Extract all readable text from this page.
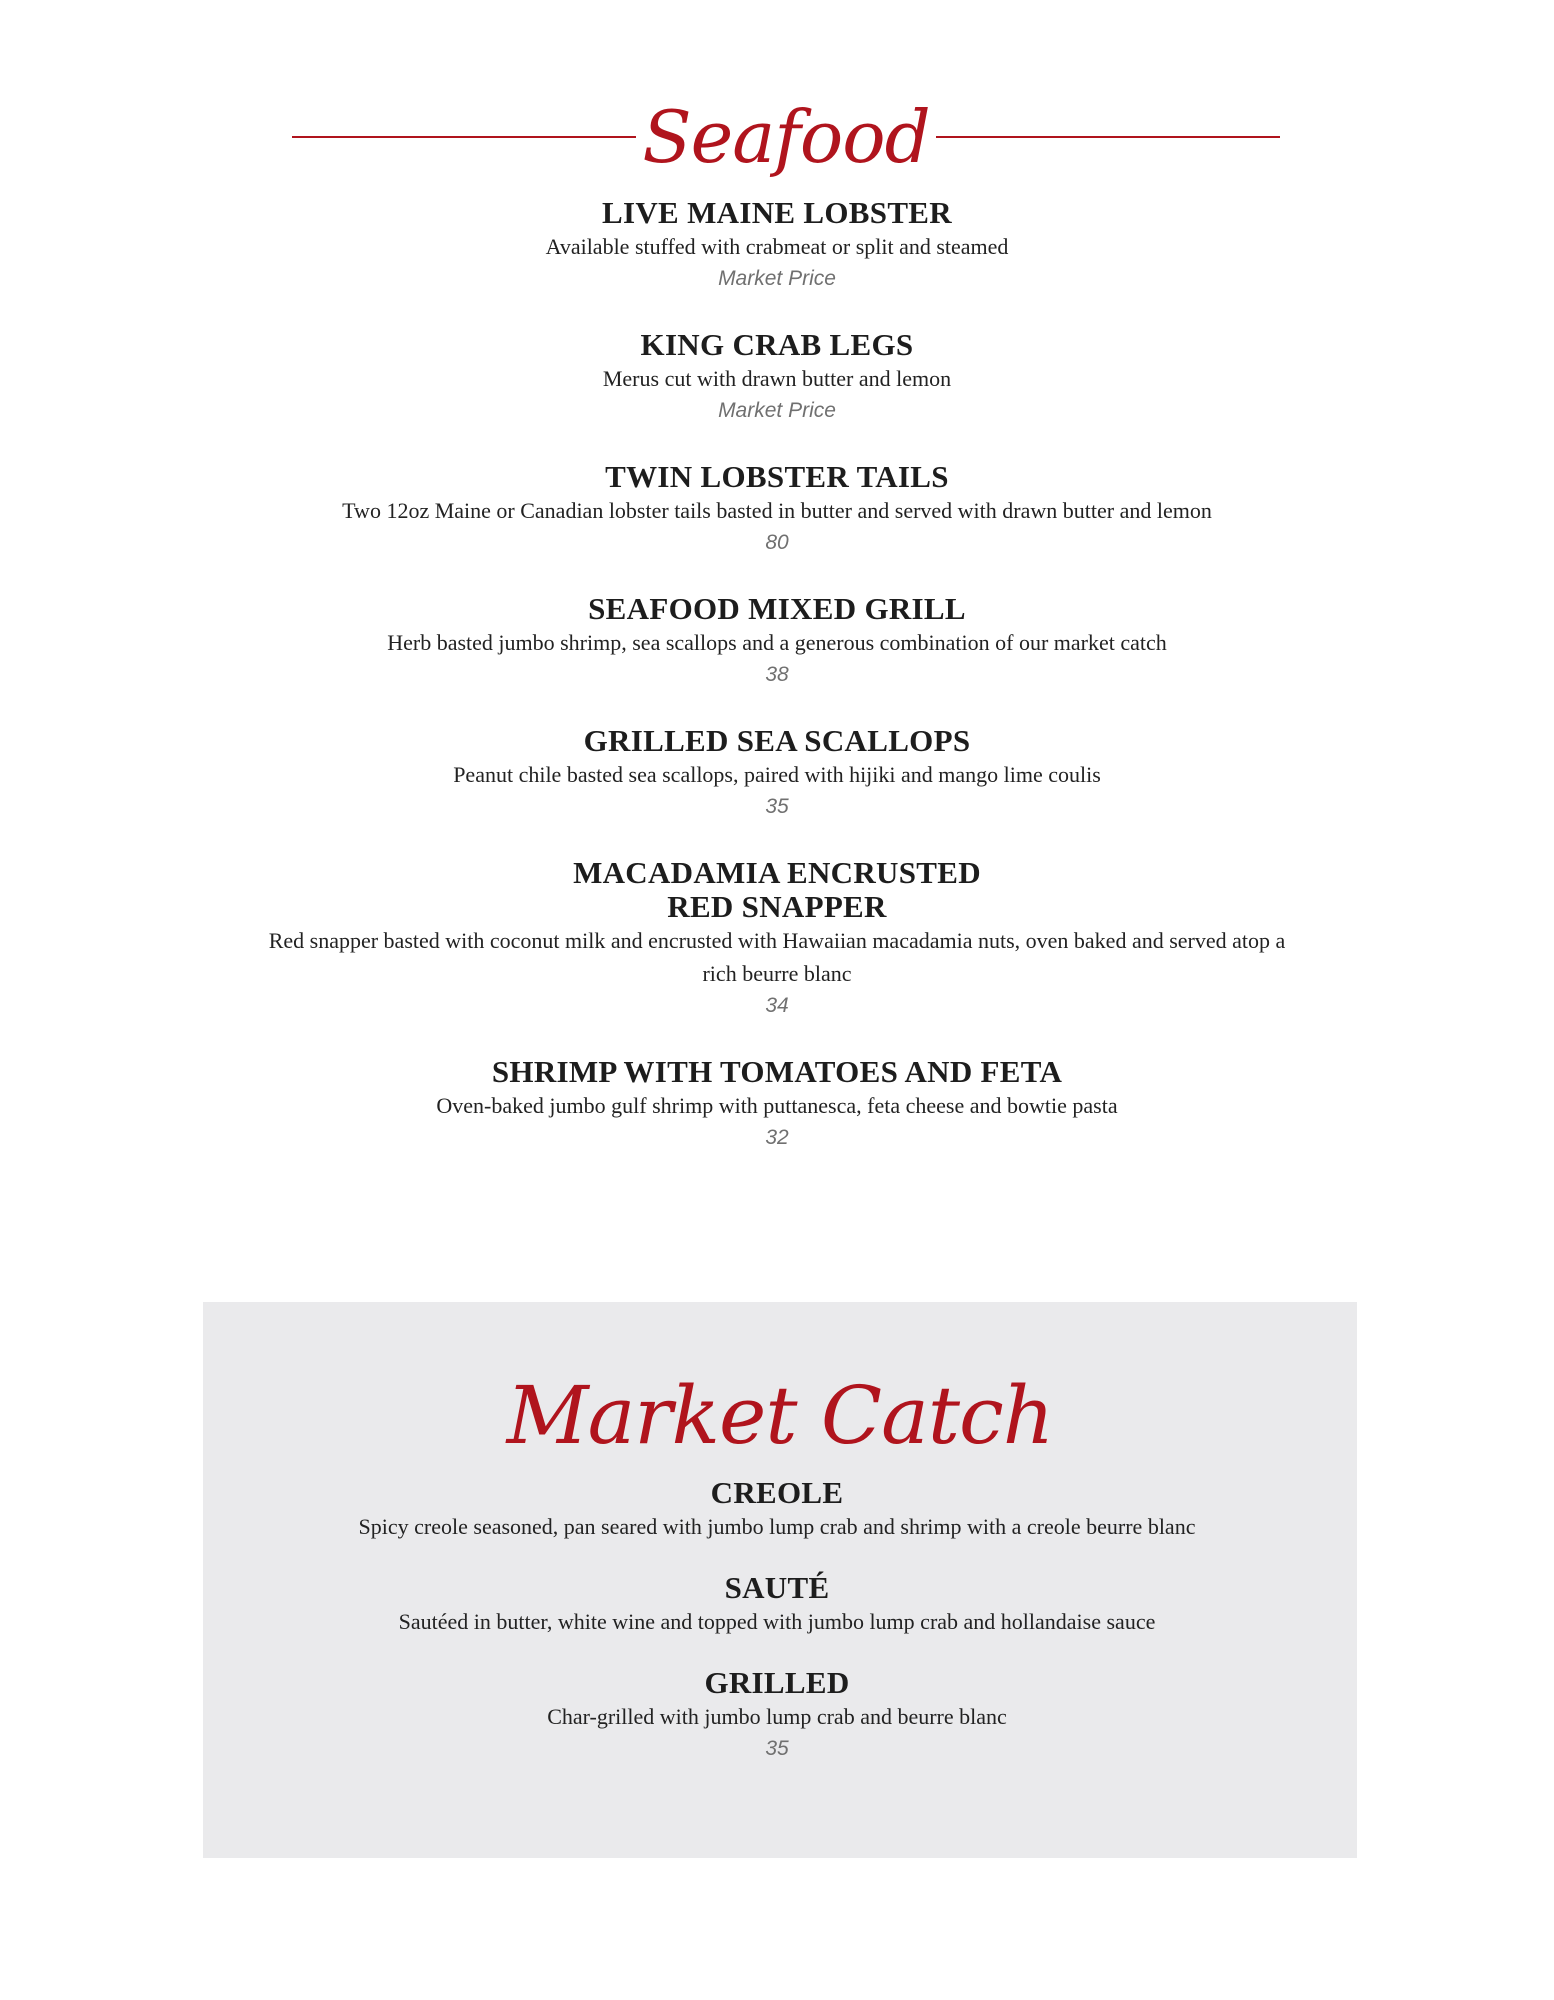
Seafood
LIVE MAINE LOBSTER
Available stuffed with crabmeat or split and steamed
Market Price
KING CRAB LEGS
Merus cut with drawn butter and lemon
Market Price
TWIN LOBSTER TAILS
Two 12oz Maine or Canadian lobster tails basted in butter and served with drawn butter and lemon
80
SEAFOOD MIXED GRILL
Herb basted jumbo shrimp, sea scallops and a generous combination of our market catch
38
GRILLED SEA SCALLOPS
Peanut chile basted sea scallops, paired with hijiki and mango lime coulis
35
MACADAMIA ENCRUSTED
RED SNAPPER
Red snapper basted with coconut milk and encrusted with Hawaiian macadamia nuts, oven baked and served atop a rich beurre blanc
34
SHRIMP WITH TOMATOES AND FETA
Oven-baked jumbo gulf shrimp with puttanesca, feta cheese and bowtie pasta
32
Market Catch
CREOLE
Spicy creole seasoned, pan seared with jumbo lump crab and shrimp with a creole beurre blanc
SAUTÉ
Sautéed in butter, white wine and topped with jumbo lump crab and hollandaise sauce
GRILLED
Char-grilled with jumbo lump crab and beurre blanc
35
